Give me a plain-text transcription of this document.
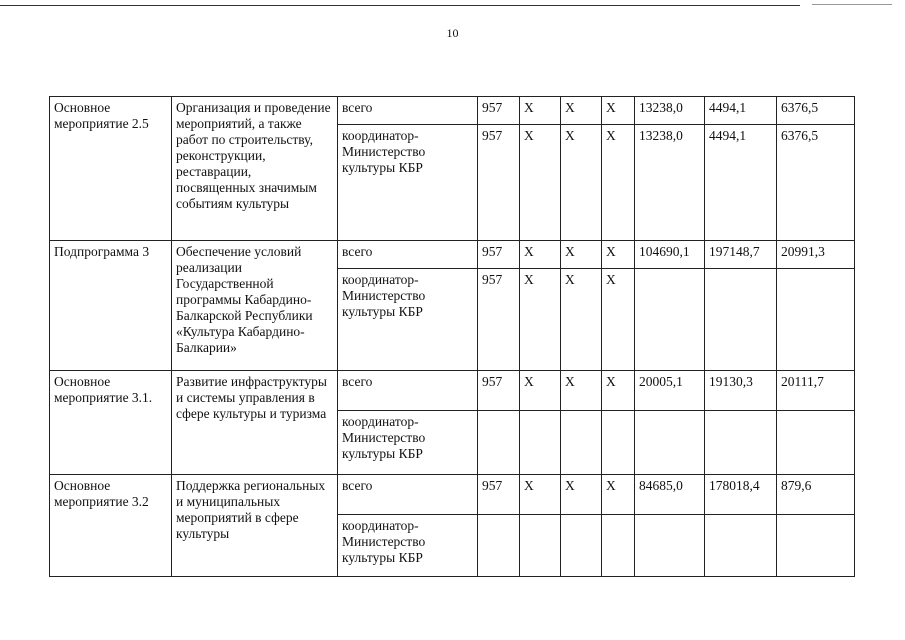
10
Основное мероприятие 2.5	Организация и проведение мероприятий, а также работ по строительству, реконструкции, реставрации, посвященных значимым событиям культуры	всего	957	Х	Х	Х	13238,0	4494,1	6376,5
		координатор- Министерство культуры КБР	957	Х	Х	Х	13238,0	4494,1	6376,5
Подпрограмма 3	Обеспечение условий реализации Государственной программы Кабардино-Балкарской Республики «Культура Кабардино-Балкарии»	всего	957	Х	Х	Х	104690,1	197148,7	20991,3
		координатор- Министерство культуры КБР	957	Х	Х	Х			
Основное мероприятие 3.1.	Развитие инфраструктуры и системы управления в сфере культуры и туризма	всего	957	Х	Х	Х	20005,1	19130,3	20111,7
		координатор- Министерство культуры КБР							
Основное мероприятие 3.2	Поддержка региональных и муниципальных мероприятий в сфере культуры	всего	957	Х	Х	Х	84685,0	178018,4	879,6
		координатор- Министерство культуры КБР							
